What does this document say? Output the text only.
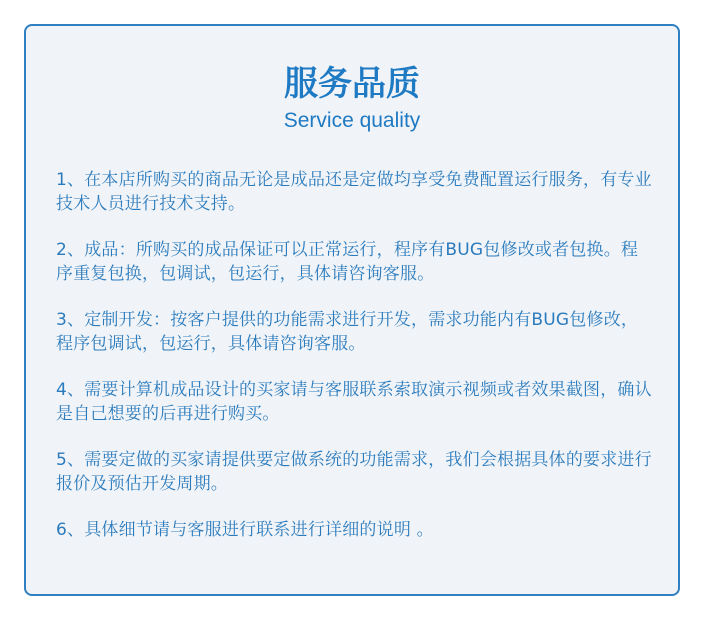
服务品质
Service quality
1、在本店所购买的商品无论是成品还是定做均享受免费配置运行服务，有专业技术人员进行技术支持。
2、成品：所购买的成品保证可以正常运行，程序有BUG包修改或者包换。程序重复包换，包调试，包运行，具体请咨询客服。
3、定制开发：按客户提供的功能需求进行开发，需求功能内有BUG包修改，程序包调试，包运行，具体请咨询客服。
4、需要计算机成品设计的买家请与客服联系索取演示视频或者效果截图，确认是自己想要的后再进行购买。
5、需要定做的买家请提供要定做系统的功能需求，我们会根据具体的要求进行报价及预估开发周期。
6、具体细节请与客服进行联系进行详细的说明 。
